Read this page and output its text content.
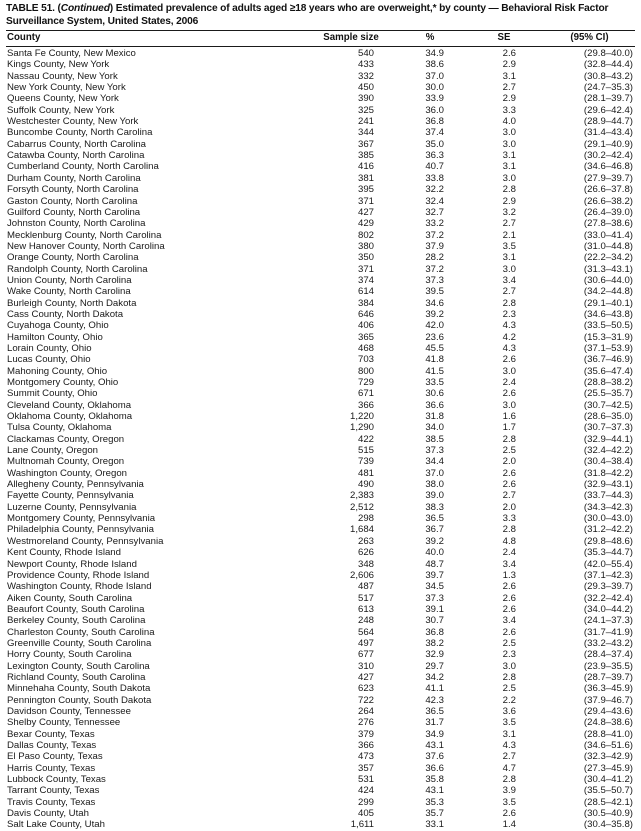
TABLE 51. (Continued) Estimated prevalence of adults aged ≥18 years who are overweight,* by county — Behavioral Risk Factor Surveillance System, United States, 2006
County	Sample size	%	SE	(95% CI)
Santa Fe County, New Mexico	540	34.9	2.6	(29.8–40.0)
Kings County, New York	433	38.6	2.9	(32.8–44.4)
Nassau County, New York	332	37.0	3.1	(30.8–43.2)
New York County, New York	450	30.0	2.7	(24.7–35.3)
Queens County, New York	390	33.9	2.9	(28.1–39.7)
Suffolk County, New York	325	36.0	3.3	(29.6–42.4)
Westchester County, New York	241	36.8	4.0	(28.9–44.7)
Buncombe County, North Carolina	344	37.4	3.0	(31.4–43.4)
Cabarrus County, North Carolina	367	35.0	3.0	(29.1–40.9)
Catawba County, North Carolina	385	36.3	3.1	(30.2–42.4)
Cumberland County, North Carolina	416	40.7	3.1	(34.6–46.8)
Durham County, North Carolina	381	33.8	3.0	(27.9–39.7)
Forsyth County, North Carolina	395	32.2	2.8	(26.6–37.8)
Gaston County, North Carolina	371	32.4	2.9	(26.6–38.2)
Guilford County, North Carolina	427	32.7	3.2	(26.4–39.0)
Johnston County, North Carolina	429	33.2	2.7	(27.8–38.6)
Mecklenburg County, North Carolina	802	37.2	2.1	(33.0–41.4)
New Hanover County, North Carolina	380	37.9	3.5	(31.0–44.8)
Orange County, North Carolina	350	28.2	3.1	(22.2–34.2)
Randolph County, North Carolina	371	37.2	3.0	(31.3–43.1)
Union County, North Carolina	374	37.3	3.4	(30.6–44.0)
Wake County, North Carolina	614	39.5	2.7	(34.2–44.8)
Burleigh County, North Dakota	384	34.6	2.8	(29.1–40.1)
Cass County, North Dakota	646	39.2	2.3	(34.6–43.8)
Cuyahoga County, Ohio	406	42.0	4.3	(33.5–50.5)
Hamilton County, Ohio	365	23.6	4.2	(15.3–31.9)
Lorain County, Ohio	468	45.5	4.3	(37.1–53.9)
Lucas County, Ohio	703	41.8	2.6	(36.7–46.9)
Mahoning County, Ohio	800	41.5	3.0	(35.6–47.4)
Montgomery County, Ohio	729	33.5	2.4	(28.8–38.2)
Summit County, Ohio	671	30.6	2.6	(25.5–35.7)
Cleveland County, Oklahoma	366	36.6	3.0	(30.7–42.5)
Oklahoma County, Oklahoma	1,220	31.8	1.6	(28.6–35.0)
Tulsa County, Oklahoma	1,290	34.0	1.7	(30.7–37.3)
Clackamas County, Oregon	422	38.5	2.8	(32.9–44.1)
Lane County, Oregon	515	37.3	2.5	(32.4–42.2)
Multnomah County, Oregon	739	34.4	2.0	(30.4–38.4)
Washington County, Oregon	481	37.0	2.6	(31.8–42.2)
Allegheny County, Pennsylvania	490	38.0	2.6	(32.9–43.1)
Fayette County, Pennsylvania	2,383	39.0	2.7	(33.7–44.3)
Luzerne County, Pennsylvania	2,512	38.3	2.0	(34.3–42.3)
Montgomery County, Pennsylvania	298	36.5	3.3	(30.0–43.0)
Philadelphia County, Pennsylvania	1,684	36.7	2.8	(31.2–42.2)
Westmoreland County, Pennsylvania	263	39.2	4.8	(29.8–48.6)
Kent County, Rhode Island	626	40.0	2.4	(35.3–44.7)
Newport County, Rhode Island	348	48.7	3.4	(42.0–55.4)
Providence County, Rhode Island	2,606	39.7	1.3	(37.1–42.3)
Washington County, Rhode Island	487	34.5	2.6	(29.3–39.7)
Aiken County, South Carolina	517	37.3	2.6	(32.2–42.4)
Beaufort County, South Carolina	613	39.1	2.6	(34.0–44.2)
Berkeley County, South Carolina	248	30.7	3.4	(24.1–37.3)
Charleston County, South Carolina	564	36.8	2.6	(31.7–41.9)
Greenville County, South Carolina	497	38.2	2.5	(33.2–43.2)
Horry County, South Carolina	677	32.9	2.3	(28.4–37.4)
Lexington County, South Carolina	310	29.7	3.0	(23.9–35.5)
Richland County, South Carolina	427	34.2	2.8	(28.7–39.7)
Minnehaha County, South Dakota	623	41.1	2.5	(36.3–45.9)
Pennington County, South Dakota	722	42.3	2.2	(37.9–46.7)
Davidson County, Tennessee	264	36.5	3.6	(29.4–43.6)
Shelby County, Tennessee	276	31.7	3.5	(24.8–38.6)
Bexar County, Texas	379	34.9	3.1	(28.8–41.0)
Dallas County, Texas	366	43.1	4.3	(34.6–51.6)
El Paso County, Texas	473	37.6	2.7	(32.3–42.9)
Harris County, Texas	357	36.6	4.7	(27.3–45.9)
Lubbock County, Texas	531	35.8	2.8	(30.4–41.2)
Tarrant County, Texas	424	43.1	3.9	(35.5–50.7)
Travis County, Texas	299	35.3	3.5	(28.5–42.1)
Davis County, Utah	405	35.7	2.6	(30.5–40.9)
Salt Lake County, Utah	1,611	33.1	1.4	(30.4–35.8)
